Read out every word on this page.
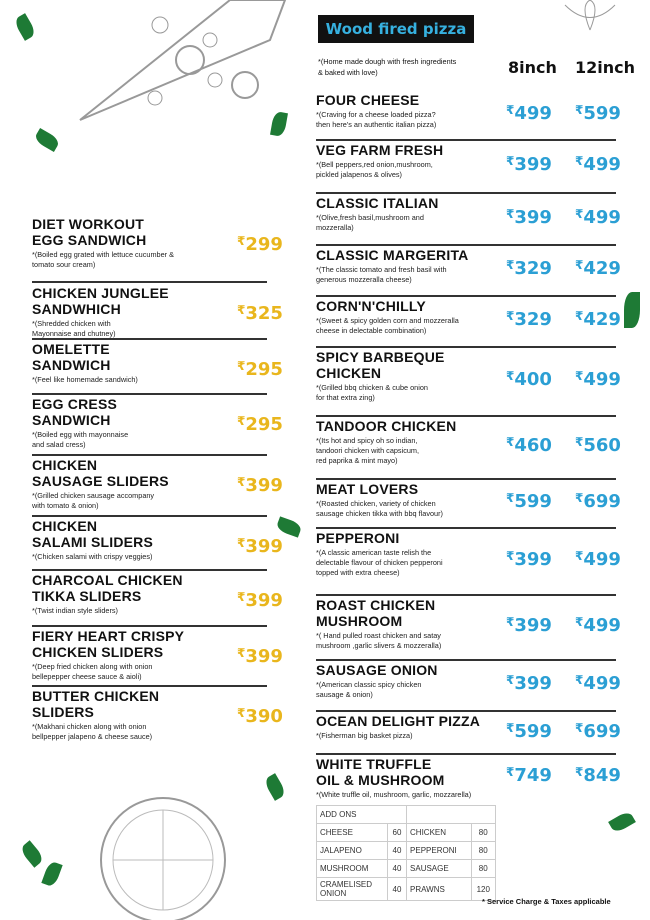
DIET WORKOUT
EGG SANDWICH
*(Boiled egg grated with lettuce cucumber &
tomato sour cream)
₹299
CHICKEN JUNGLEE
SANDWHICH
*(Shredded chicken with
Mayonnaise and chutney)
₹325
OMELETTE
SANDWICH
*(Feel like homemade sandwich)
₹295
EGG CRESS
SANDWICH
*(Boiled egg with mayonnaise
and salad cress)
₹295
CHICKEN
SAUSAGE SLIDERS
*(Grilled chicken sausage accompany
with tomato & onion)
₹399
CHICKEN
SALAMI SLIDERS
*(Chicken salami with crispy veggies)
₹399
CHARCOAL CHICKEN
TIKKA SLIDERS
*(Twist indian style sliders)
₹399
FIERY HEART CRISPY
CHICKEN SLIDERS
*(Deep fried chicken along with onion
bellepepper cheese sauce & aioli)
₹399
BUTTER CHICKEN
SLIDERS
*(Makhani chicken along with onion
bellpepper jalapeno & cheese sauce)
₹390
Wood fired pizza
*(Home made dough with fresh ingredients
& baked with love)	8inch 12inch
FOUR CHEESE
*(Craving for a cheese loaded pizza?
then here's an authentic italian pizza)
₹499 ₹599
VEG FARM FRESH
*(Bell peppers,red onion,mushroom,
pickled jalapenos & olives)
₹399 ₹499
CLASSIC ITALIAN
*(Olive,fresh basil,mushroom and
mozzeralla)
₹399 ₹499
CLASSIC MARGERITA
*(The classic tomato and fresh basil with
generous mozzeralla cheese)
₹329 ₹429
CORN'N'CHILLY
*(Sweet & spicy golden corn and mozzeralla
cheese in delectable combination)
₹329 ₹429
SPICY BARBEQUE
CHICKEN
*(Grilled bbq chicken & cube onion
for that extra zing)
₹400 ₹499
TANDOOR CHICKEN
*(Its hot and spicy oh so indian,
tandoori chicken with capsicum,
red paprika & mint mayo)
₹460 ₹560
MEAT LOVERS
*(Roasted chicken, variety of chicken
sausage chicken tikka with bbq flavour)
₹599 ₹699
PEPPERONI
*(A classic american taste relish the
delectable flavour of chicken pepperoni
topped with extra cheese)
₹399 ₹499
ROAST CHICKEN
MUSHROOM
*( Hand pulled roast chicken and satay
mushroom ,garlic slivers & mozzeralla)
₹399 ₹499
SAUSAGE ONION
*(American classic spicy chicken
sausage & onion)
₹399 ₹499
OCEAN DELIGHT PIZZA
*(Fisherman big basket pizza)
₹599 ₹699
WHITE TRUFFLE
OIL & MUSHROOM
*(White truffle oil, mushroom, garlic, mozzarella)
₹749 ₹849
ADD ONS			
CHEESE	60	CHICKEN	80
JALAPENO	40	PEPPERONI	80
MUSHROOM	40	SAUSAGE	80
CRAMELISED
ONION	40	PRAWNS	120
* Service Charge & Taxes applicable
